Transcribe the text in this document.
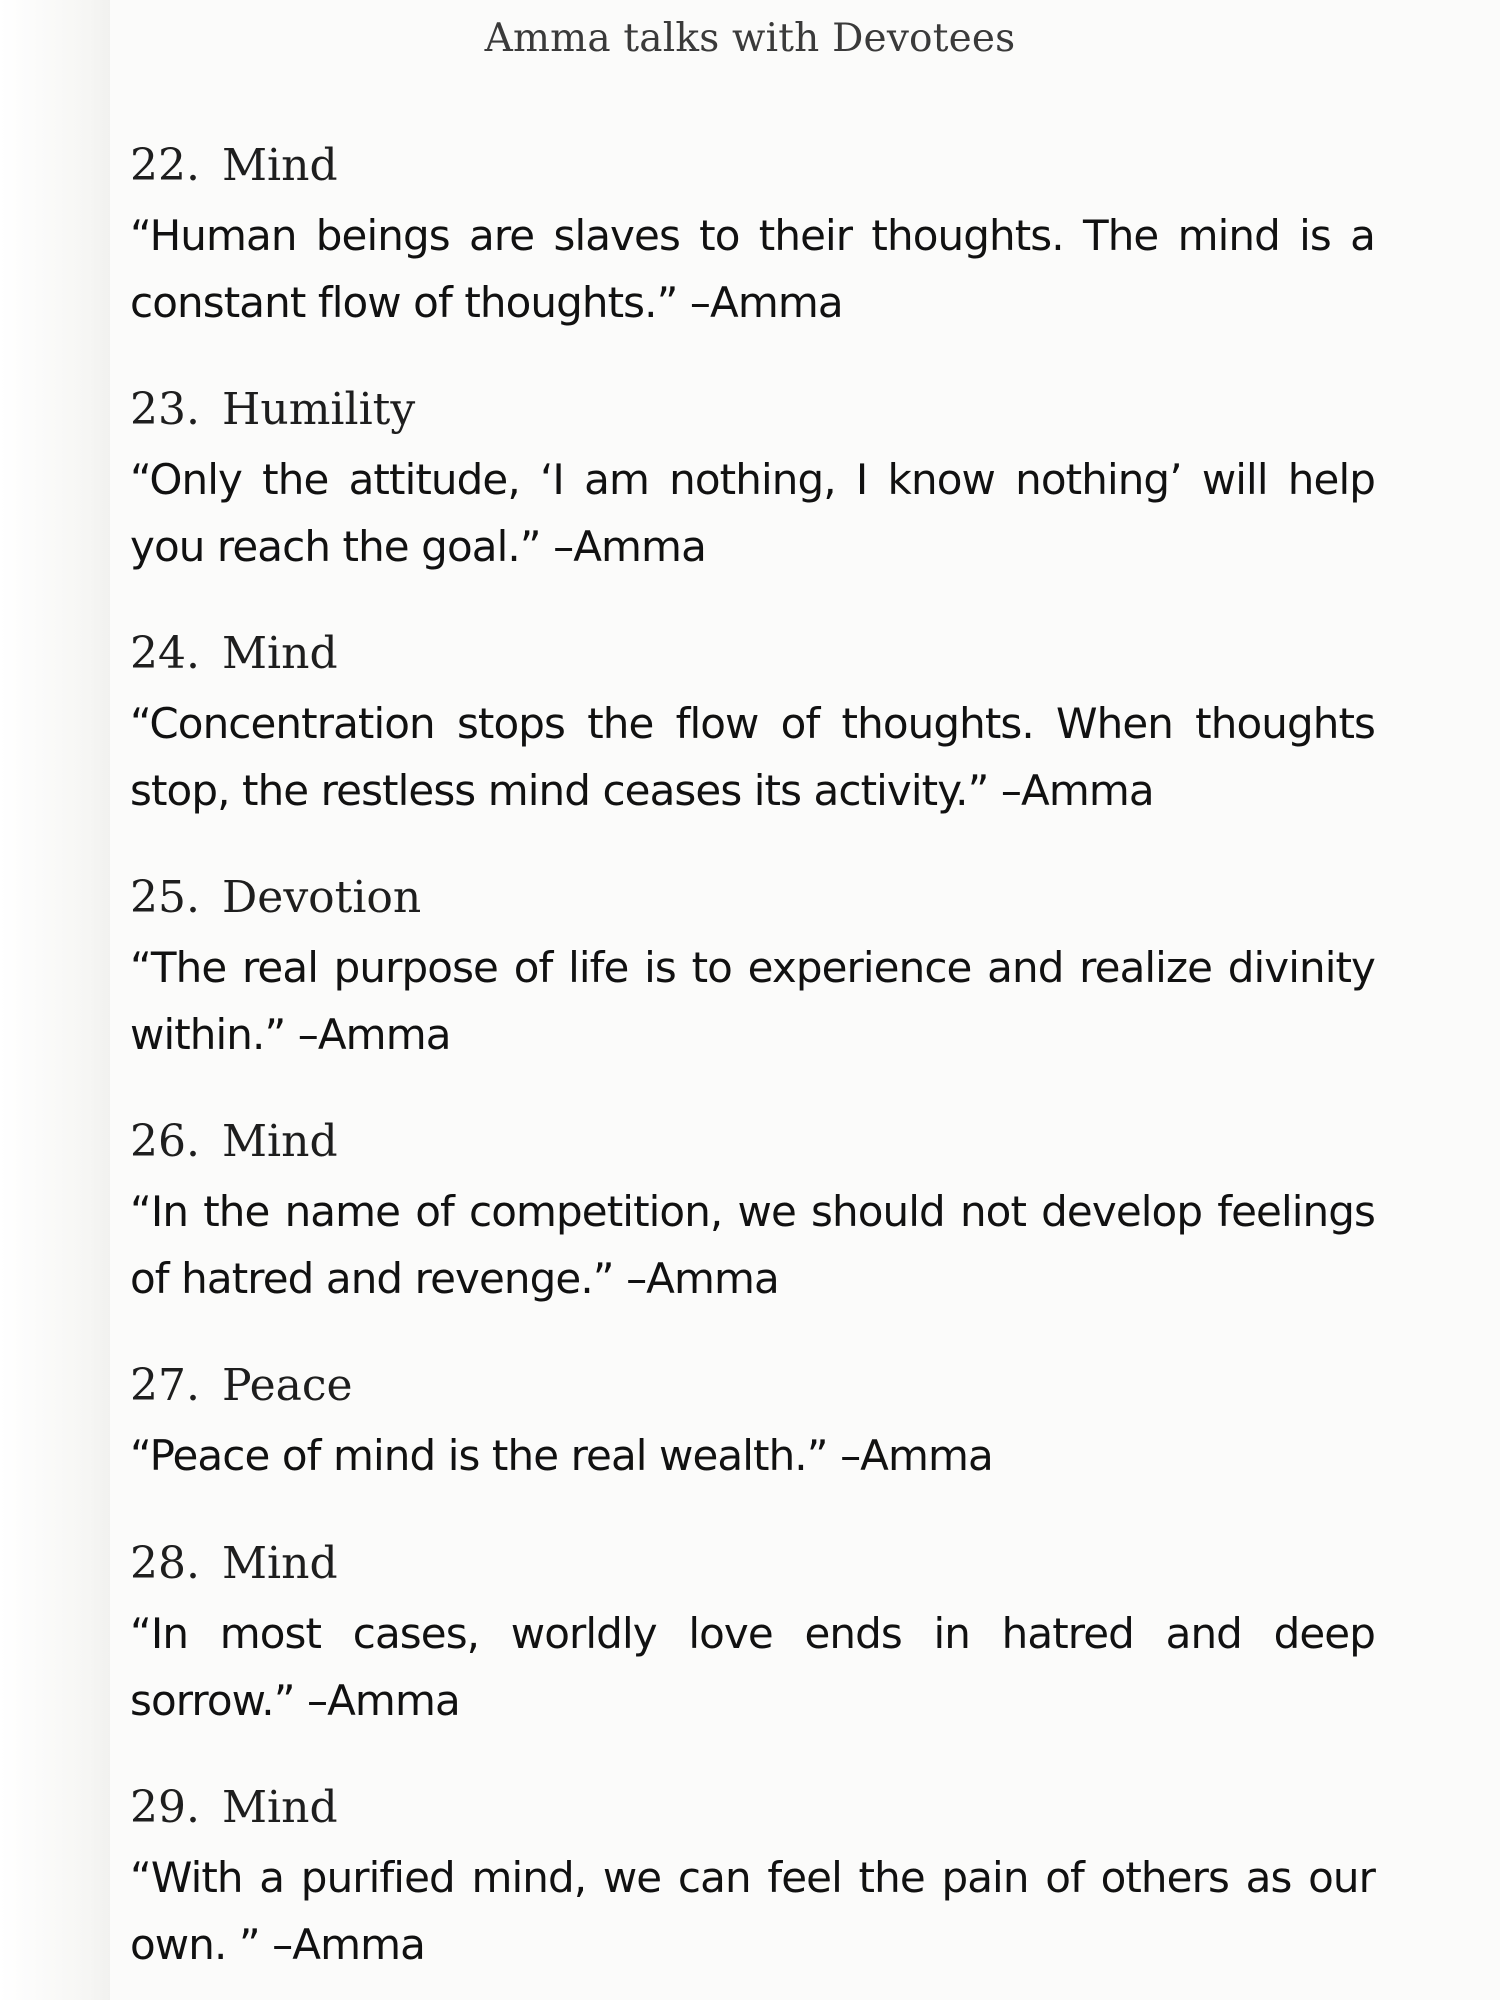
Amma talks with Devotees
22. Mind
“Human beings are slaves to their thoughts. The mind is a constant flow of thoughts.” –Amma
23. Humility
“Only the attitude, ‘I am nothing, I know nothing’ will help you reach the goal.” –Amma
24. Mind
“Concentration stops the flow of thoughts. When thoughts stop, the restless mind ceases its activity.” –Amma
25. Devotion
“The real purpose of life is to experience and realize divinity within.” –Amma
26. Mind
“In the name of competition, we should not develop feelings of hatred and revenge.” –Amma
27. Peace
“Peace of mind is the real wealth.” –Amma
28. Mind
“In most cases, worldly love ends in hatred and deep sorrow.” –Amma
29. Mind
“With a purified mind, we can feel the pain of others as our own. ” –Amma
